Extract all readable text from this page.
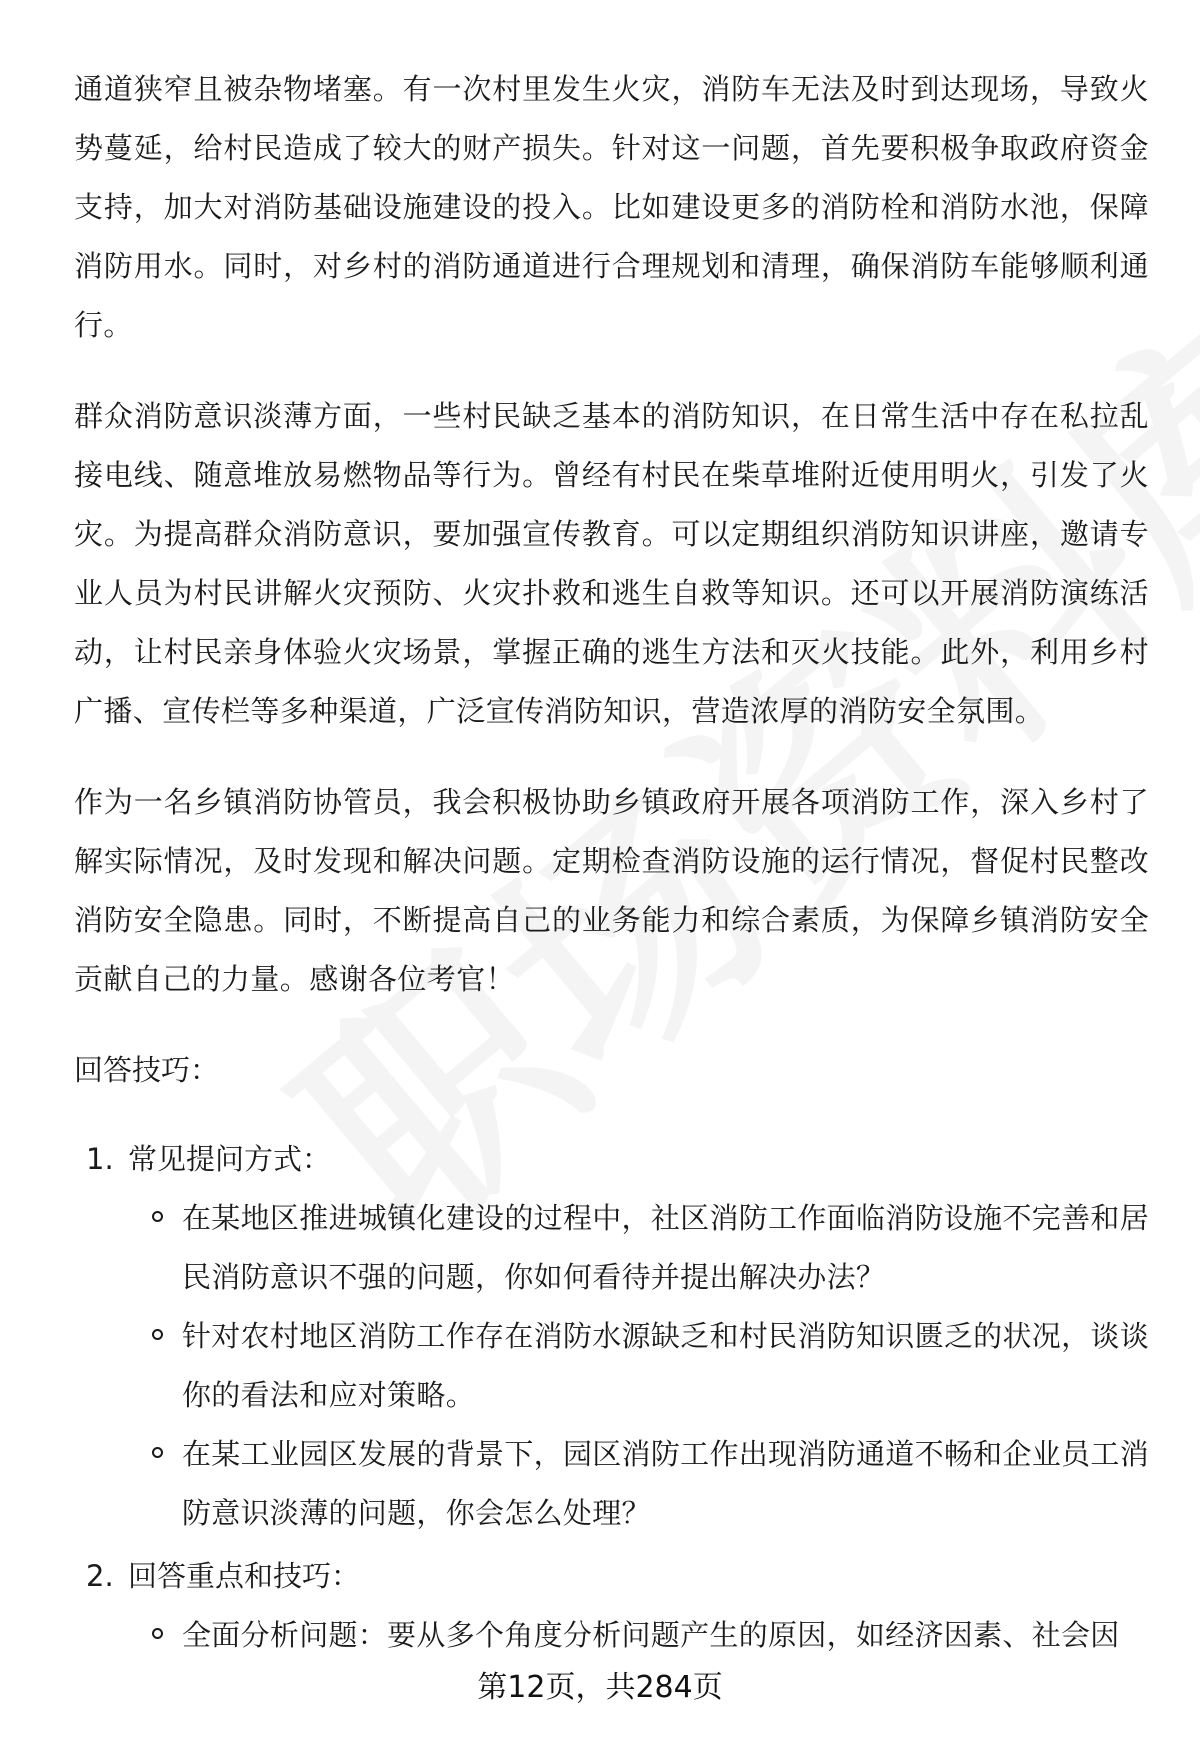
通道狭窄且被杂物堵塞。有一次村里发生火灾，消防车无法及时到达现场，导致火势蔓延，给村民造成了较大的财产损失。针对这一问题，首先要积极争取政府资金支持，加大对消防基础设施建设的投入。比如建设更多的消防栓和消防水池，保障消防用水。同时，对乡村的消防通道进行合理规划和清理，确保消防车能够顺利通行。

群众消防意识淡薄方面，一些村民缺乏基本的消防知识，在日常生活中存在私拉乱接电线、随意堆放易燃物品等行为。曾经有村民在柴草堆附近使用明火，引发了火灾。为提高群众消防意识，要加强宣传教育。可以定期组织消防知识讲座，邀请专业人员为村民讲解火灾预防、火灾扑救和逃生自救等知识。还可以开展消防演练活动，让村民亲身体验火灾场景，掌握正确的逃生方法和灭火技能。此外，利用乡村广播、宣传栏等多种渠道，广泛宣传消防知识，营造浓厚的消防安全氛围。

作为一名乡镇消防协管员，我会积极协助乡镇政府开展各项消防工作，深入乡村了解实际情况，及时发现和解决问题。定期检查消防设施的运行情况，督促村民整改消防安全隐患。同时，不断提高自己的业务能力和综合素质，为保障乡镇消防安全贡献自己的力量。感谢各位考官！

回答技巧：
1. 常见提问方式：
在某地区推进城镇化建设的过程中，社区消防工作面临消防设施不完善和居民消防意识不强的问题，你如何看待并提出解决办法？
针对农村地区消防工作存在消防水源缺乏和村民消防知识匮乏的状况，谈谈你的看法和应对策略。
在某工业园区发展的背景下，园区消防工作出现消防通道不畅和企业员工消防意识淡薄的问题，你会怎么处理？
2. 回答重点和技巧：
全面分析问题：要从多个角度分析问题产生的原因，如经济因素、社会因
第12页，共284页
